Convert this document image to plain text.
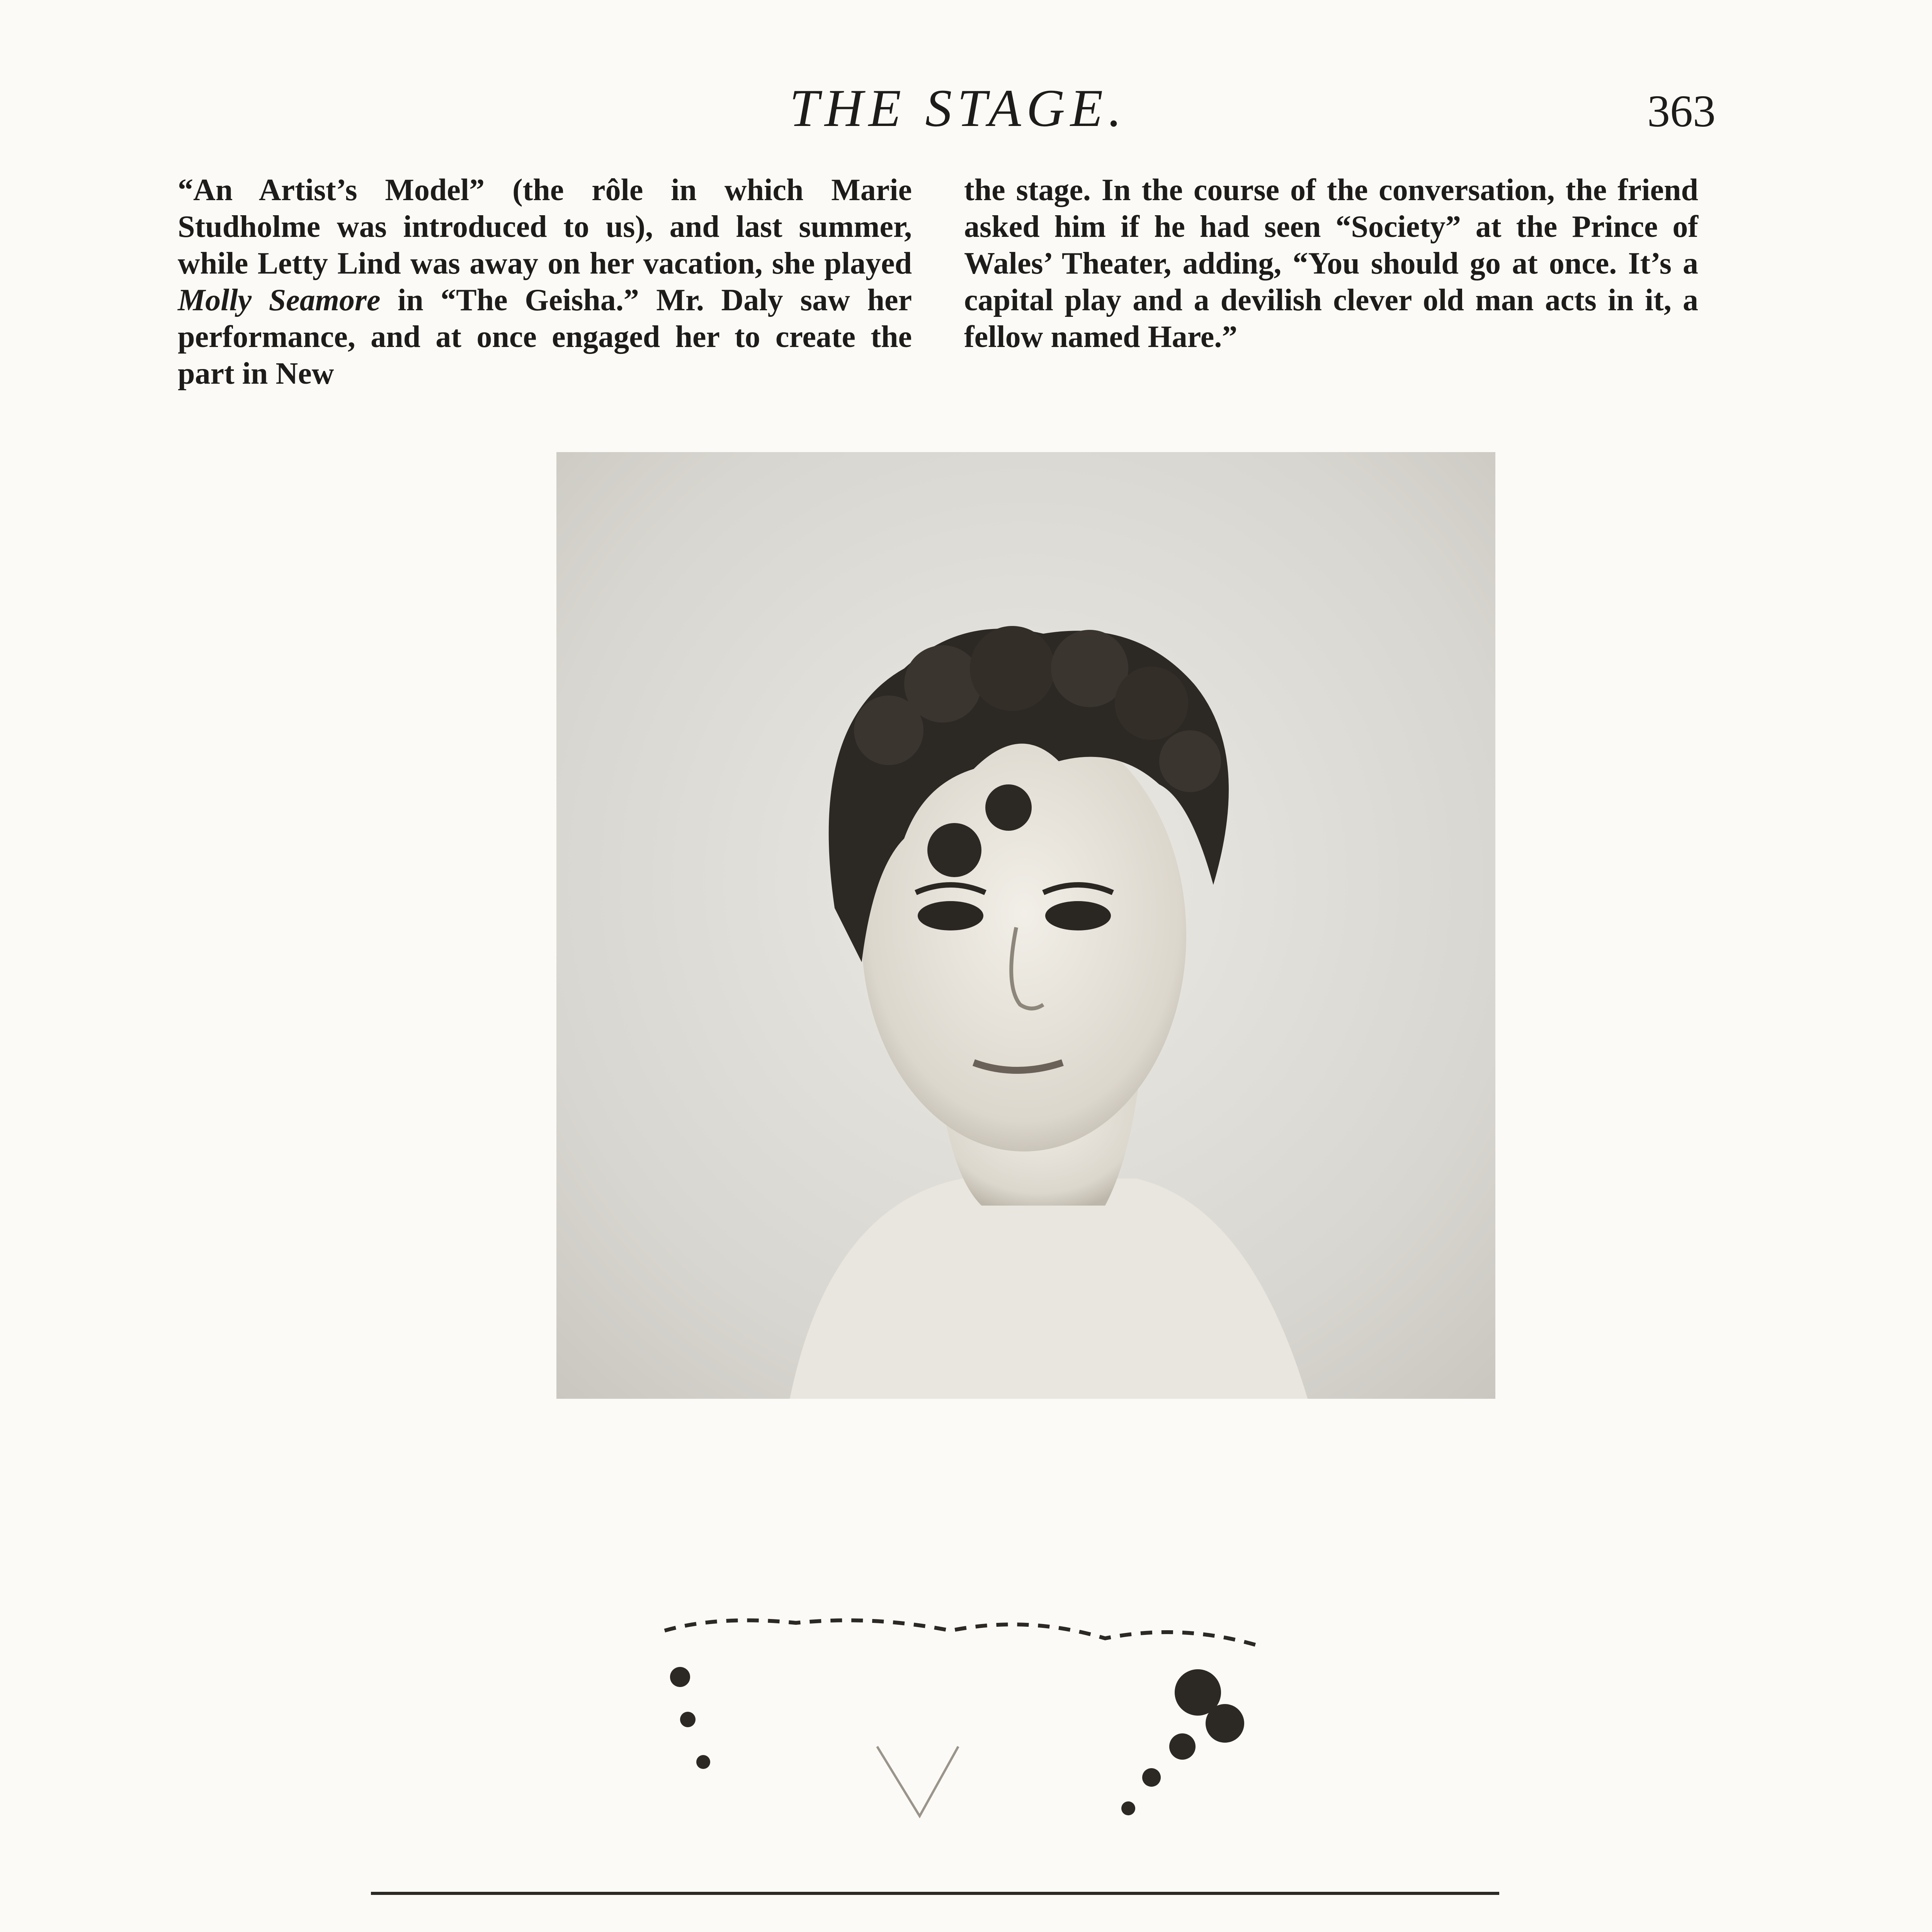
THE STAGE.	363

“An Artist’s Model” (the rôle in which Marie Studholme was introduced to us), and last summer, while Letty Lind was away on her vacation, she played Molly Seamore in “The Geisha.” Mr. Daly saw her performance, and at once engaged her to create the part in New

the stage. In the course of the conversation, the friend asked him if he had seen “Society” at the Prince of Wales’ Theater, adding, “You should go at once. It’s a capital play and a devilish clever old man acts in it, a fellow named Hare.”
